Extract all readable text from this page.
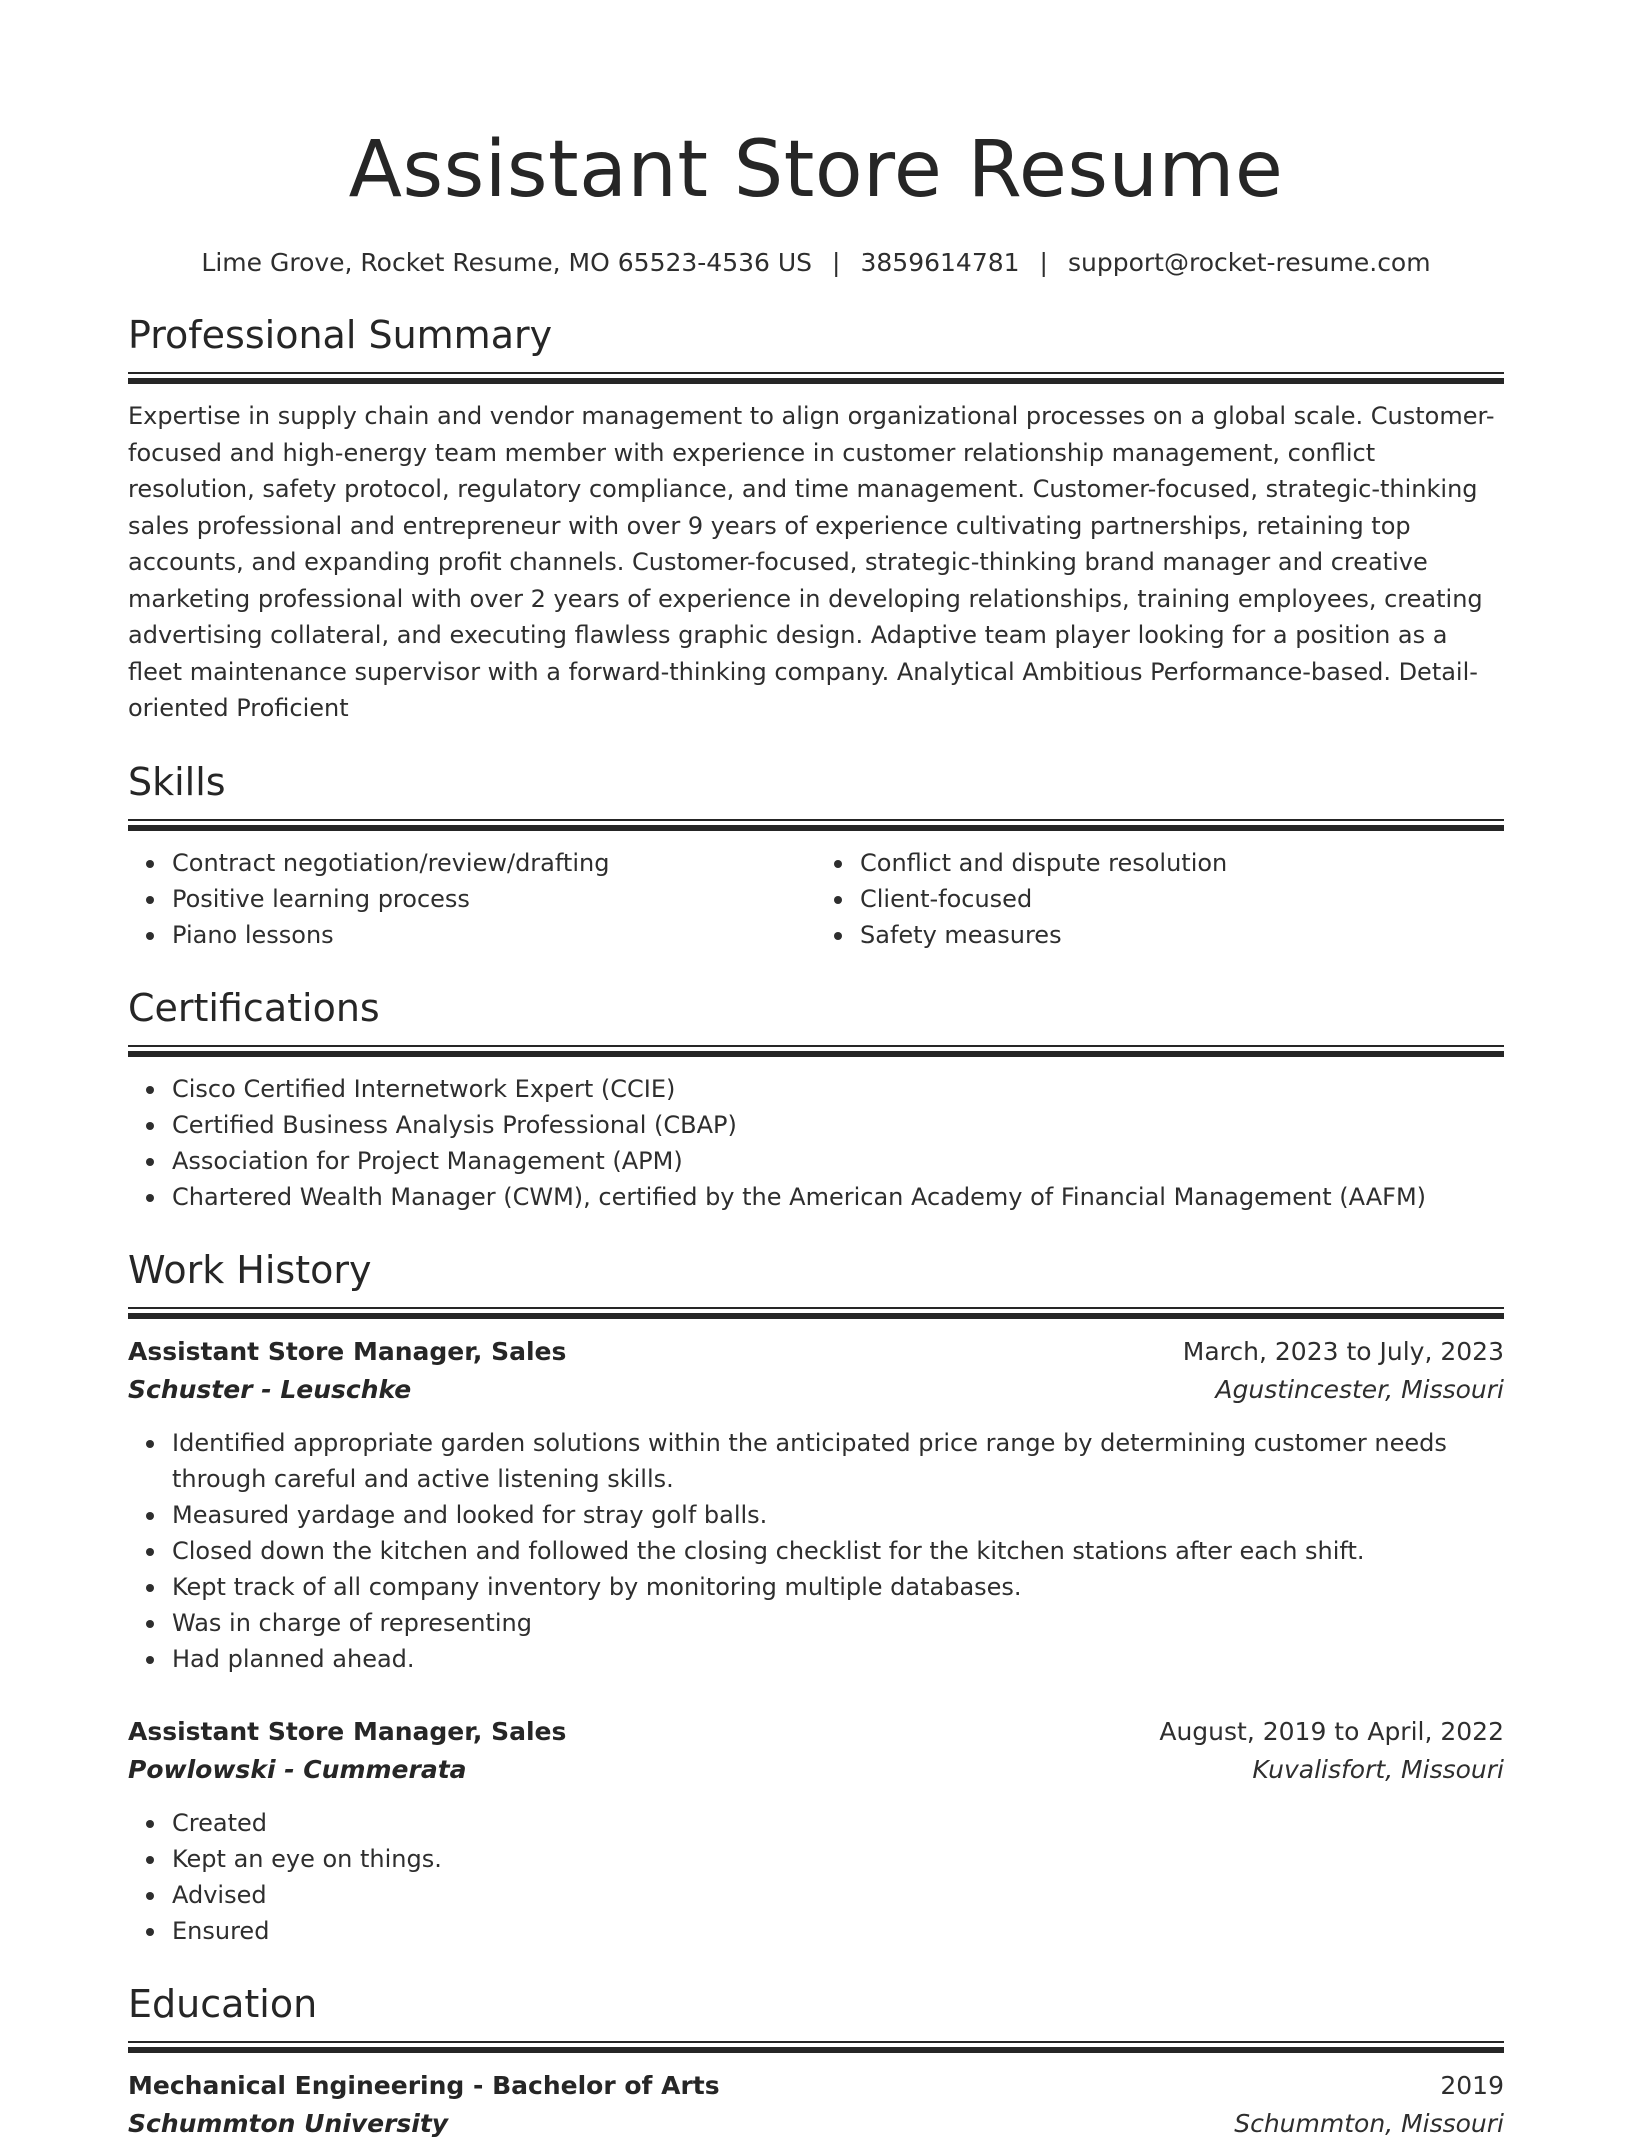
Assistant Store Resume
Lime Grove, Rocket Resume, MO 65523-4536 US | 3859614781 | support@rocket-resume.com
Professional Summary
Expertise in supply chain and vendor management to align organizational processes on a global scale. Customer-focused and high-energy team member with experience in customer relationship management, conflict resolution, safety protocol, regulatory compliance, and time management. Customer-focused, strategic-thinking sales professional and entrepreneur with over 9 years of experience cultivating partnerships, retaining top accounts, and expanding profit channels. Customer-focused, strategic-thinking brand manager and creative marketing professional with over 2 years of experience in developing relationships, training employees, creating advertising collateral, and executing flawless graphic design. Adaptive team player looking for a position as a fleet maintenance supervisor with a forward-thinking company. Analytical Ambitious Performance-based. Detail-oriented Proficient
Skills
Contract negotiation/review/drafting
Positive learning process
Piano lessons
Conflict and dispute resolution
Client-focused
Safety measures
Certifications
Cisco Certified Internetwork Expert (CCIE)
Certified Business Analysis Professional (CBAP)
Association for Project Management (APM)
Chartered Wealth Manager (CWM), certified by the American Academy of Financial Management (AAFM)
Work History
Assistant Store Manager, Sales	March, 2023 to July, 2023
Schuster - Leuschke	Agustincester, Missouri
Identified appropriate garden solutions within the anticipated price range by determining customer needs through careful and active listening skills.
Measured yardage and looked for stray golf balls.
Closed down the kitchen and followed the closing checklist for the kitchen stations after each shift.
Kept track of all company inventory by monitoring multiple databases.
Was in charge of representing
Had planned ahead.
Assistant Store Manager, Sales	August, 2019 to April, 2022
Powlowski - Cummerata	Kuvalisfort, Missouri
Created
Kept an eye on things.
Advised
Ensured
Education
Mechanical Engineering - Bachelor of Arts	2019
Schummton University	Schummton, Missouri
